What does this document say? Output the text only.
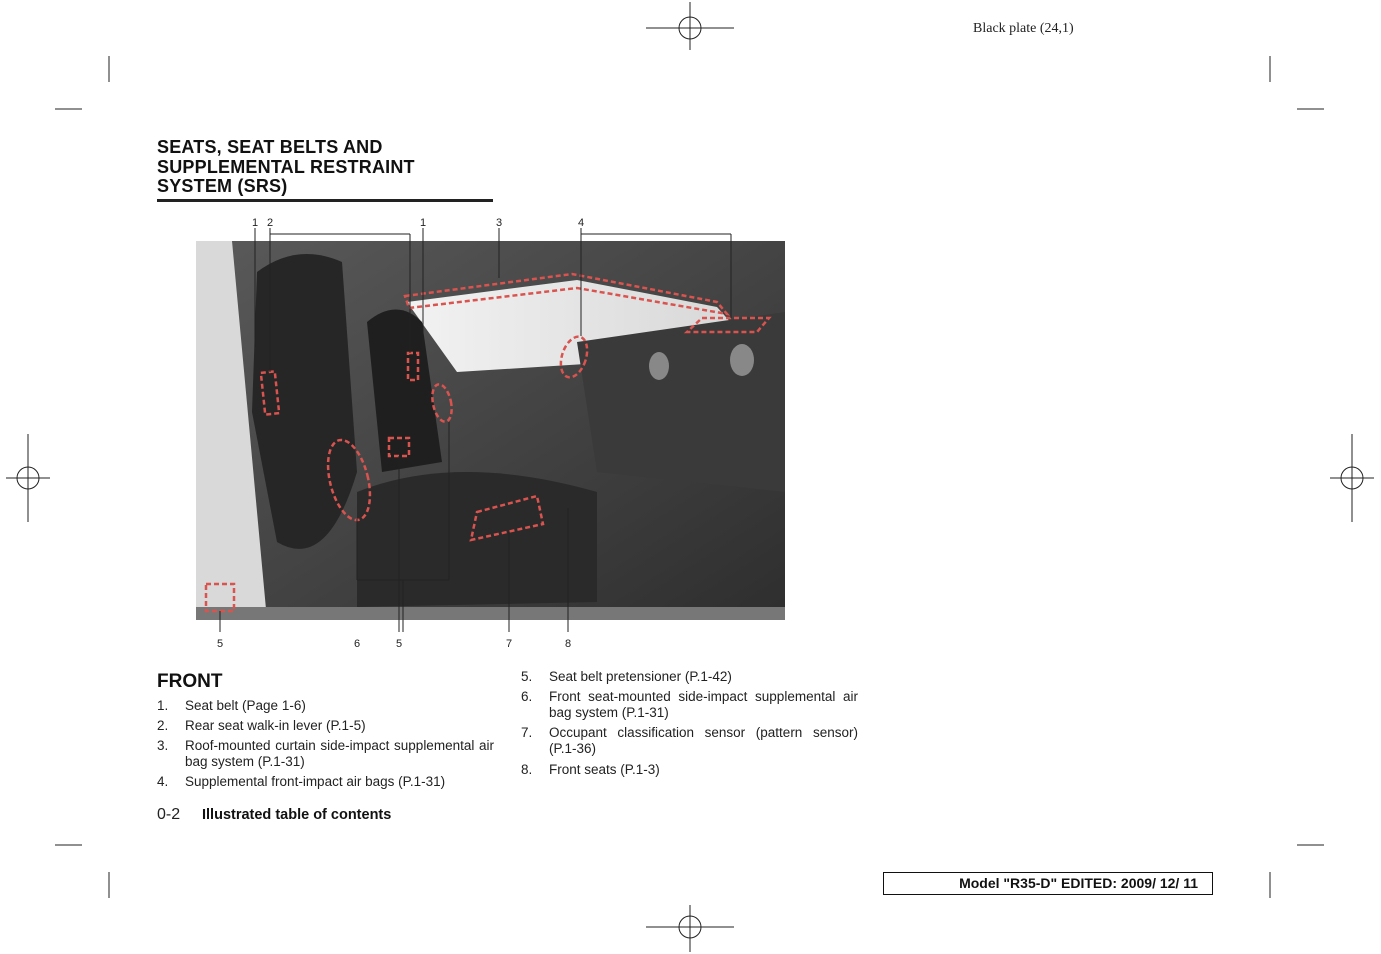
Black plate (24,1)
SEATS, SEAT BELTS AND
SUPPLEMENTAL RESTRAINT
SYSTEM (SRS)
1 2	1	3	4
5	6	5	7	8
FRONT
1. Seat belt (Page 1-6)
2. Rear seat walk-in lever (P.1-5)
3. Roof-mounted curtain side-impact supplemental air bag system (P.1-31)
4. Supplemental front-impact air bags (P.1-31)
5. Seat belt pretensioner (P.1-42)
6. Front seat-mounted side-impact supplemental air bag system (P.1-31)
7. Occupant classification sensor (pattern sensor) (P.1-36)
8. Front seats (P.1-3)
0-2 Illustrated table of contents
Model "R35-D" EDITED: 2009/ 12/ 11
